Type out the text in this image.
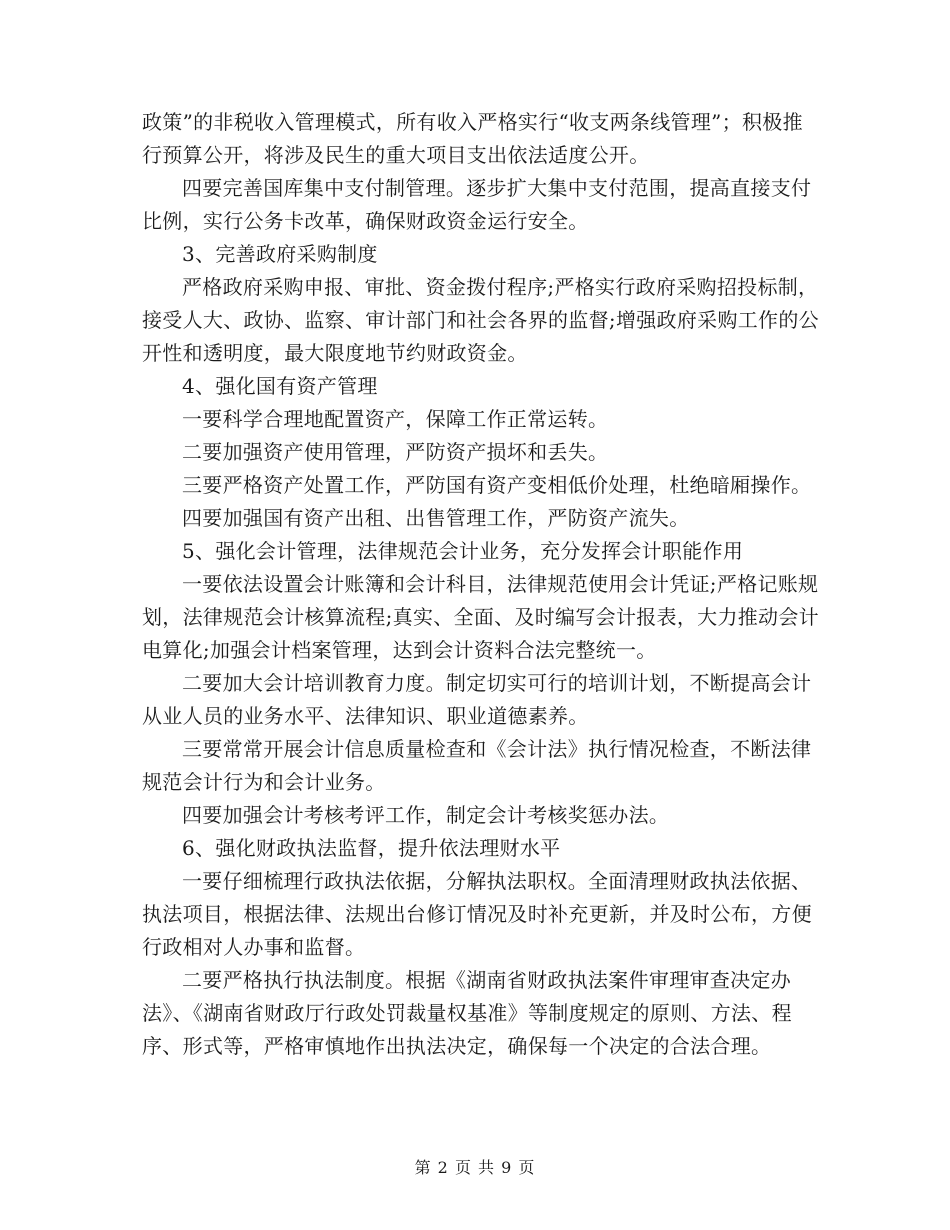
政策”的非税收入管理模式，所有收入严格实行“收支两条线管理”；积极推行预算公开，将涉及民生的重大项目支出依法适度公开。

四要完善国库集中支付制管理。逐步扩大集中支付范围，提高直接支付比例，实行公务卡改革，确保财政资金运行安全。

3、完善政府采购制度

严格政府采购申报、审批、资金拨付程序;严格实行政府采购招投标制，接受人大、政协、监察、审计部门和社会各界的监督;增强政府采购工作的公开性和透明度，最大限度地节约财政资金。

4、强化国有资产管理

一要科学合理地配置资产，保障工作正常运转。

二要加强资产使用管理，严防资产损坏和丢失。

三要严格资产处置工作，严防国有资产变相低价处理，杜绝暗厢操作。

四要加强国有资产出租、出售管理工作，严防资产流失。

5、强化会计管理，法律规范会计业务，充分发挥会计职能作用

一要依法设置会计账簿和会计科目，法律规范使用会计凭证;严格记账规划，法律规范会计核算流程;真实、全面、及时编写会计报表，大力推动会计电算化;加强会计档案管理，达到会计资料合法完整统一。

二要加大会计培训教育力度。制定切实可行的培训计划，不断提高会计从业人员的业务水平、法律知识、职业道德素养。

三要常常开展会计信息质量检查和《会计法》执行情况检查，不断法律规范会计行为和会计业务。

四要加强会计考核考评工作，制定会计考核奖惩办法。

6、强化财政执法监督，提升依法理财水平

一要仔细梳理行政执法依据，分解执法职权。全面清理财政执法依据、执法项目，根据法律、法规出台修订情况及时补充更新，并及时公布，方便行政相对人办事和监督。

二要严格执行执法制度。根据《湖南省财政执法案件审理审查决定办法》、《湖南省财政厅行政处罚裁量权基准》等制度规定的原则、方法、程序、形式等，严格审慎地作出执法决定，确保每一个决定的合法合理。

第 2 页 共 9 页
